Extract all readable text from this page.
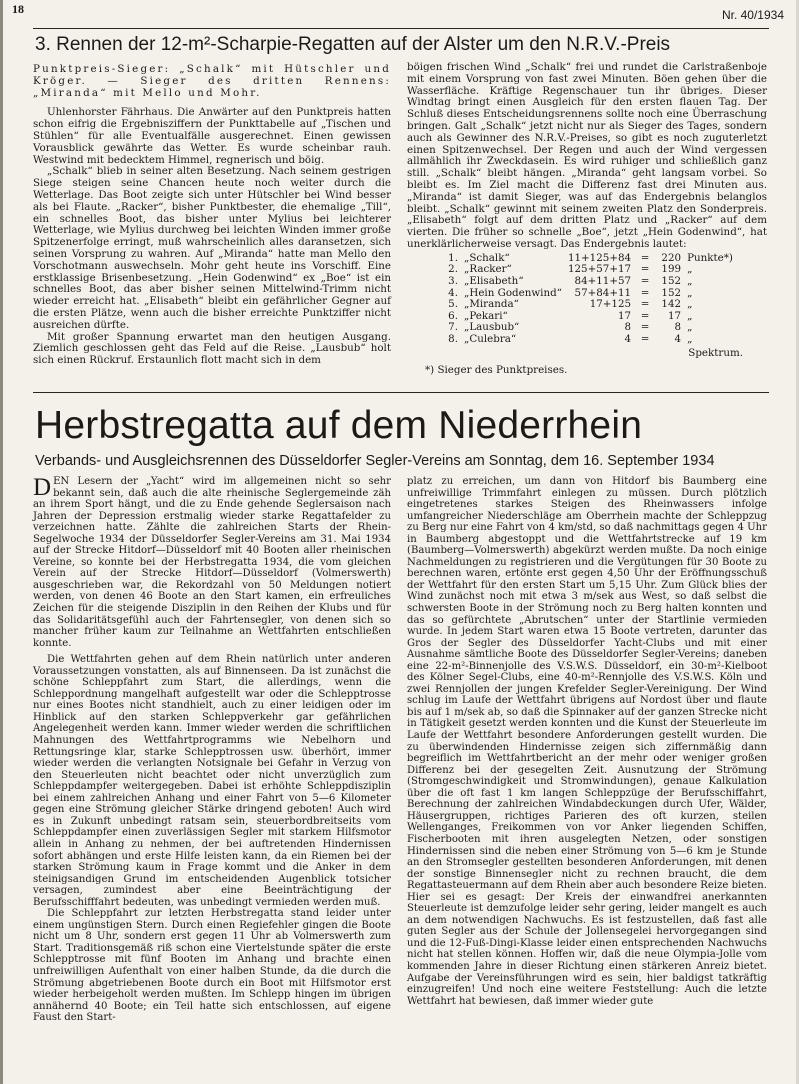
18	Nr. 40/1934
3. Rennen der 12-m²-Scharpie-Regatten auf der Alster um den N.R.V.-Preis

Punktpreis-Sieger: „Schalk“ mit Hütschler und Kröger. — Sieger des dritten Rennens: „Miranda“ mit Mello und Mohr.

Uhlenhorster Fährhaus. Die Anwärter auf den Punktpreis hatten schon eifrig die Ergebnisziffern der Punkttabelle auf „Tischen und Stühlen“ für alle Eventualfälle ausgerechnet. Einen gewissen Vorausblick gewährte das Wetter. Es wurde scheinbar rauh. Westwind mit bedecktem Himmel, regnerisch und böig.

„Schalk“ blieb in seiner alten Besetzung. Nach seinem gestrigen Siege steigen seine Chancen heute noch weiter durch die Wetterlage. Das Boot zeigte sich unter Hütschler bei Wind besser als bei Flaute. „Racker“, bisher Punktbester, die ehemalige „Till“, ein schnelles Boot, das bisher unter Mylius bei leichterer Wetterlage, wie Mylius durchweg bei leichten Winden immer große Spitzenerfolge erringt, muß wahrscheinlich alles daransetzen, sich seinen Vorsprung zu wahren. Auf „Miranda“ hatte man Mello den Vorschotmann auswechseln. Mohr geht heute ins Vorschiff. Eine erstklassige Brisenbesetzung. „Hein Godenwind“ ex „Boe“ ist ein schnelles Boot, das aber bisher seinen Mittelwind-Trimm nicht wieder erreicht hat. „Elisabeth“ bleibt ein gefährlicher Gegner auf die ersten Plätze, wenn auch die bisher erreichte Punktziffer nicht ausreichen dürfte.

Mit großer Spannung erwartet man den heutigen Ausgang. Ziemlich geschlossen geht das Feld auf die Reise. „Lausbub“ holt sich einen Rückruf. Erstaunlich flott macht sich in dem

böigen frischen Wind „Schalk“ frei und rundet die Carlstraßenboje mit einem Vorsprung von fast zwei Minuten. Böen gehen über die Wasserfläche. Kräftige Regenschauer tun ihr übriges. Dieser Windtag bringt einen Ausgleich für den ersten flauen Tag. Der Schluß dieses Entscheidungsrennens sollte noch eine Überraschung bringen. Galt „Schalk“ jetzt nicht nur als Sieger des Tages, sondern auch als Gewinner des N.R.V.-Preises, so gibt es noch zuguterletzt einen Spitzenwechsel. Der Regen und auch der Wind vergessen allmählich ihr Zweckdasein. Es wird ruhiger und schließlich ganz still. „Schalk“ bleibt hängen. „Miranda“ geht langsam vorbei. So bleibt es. Im Ziel macht die Differenz fast drei Minuten aus. „Miranda“ ist damit Sieger, was auf das Endergebnis belanglos bleibt. „Schalk“ gewinnt mit seinem zweiten Platz den Sonderpreis. „Elisabeth“ folgt auf dem dritten Platz und „Racker“ auf dem vierten. Die früher so schnelle „Boe“, jetzt „Hein Godenwind“, hat unerklärlicherweise versagt. Das Endergebnis lautet:

1.	„Schalk“	11+125+84	=	220	Punkte*)
2.	„Racker“	125+57+17	=	199	„
3.	„Elisabeth“	84+11+57	=	152	„
4.	„Hein Godenwind“	57+84+11	=	152	„
5.	„Miranda“	17+125	=	142	„
6.	„Pekari“	17	=	17	„
7.	„Lausbub“	8	=	8	„
8.	„Culebra“	4	=	4	„
Spektrum.
*) Sieger des Punktpreises.
Herbstregatta auf dem Niederrhein
Verbands- und Ausgleichsrennen des Düsseldorfer Segler-Vereins am Sonntag, dem 16. September 1934

DEN Lesern der „Yacht“ wird im allgemeinen nicht so sehr bekannt sein, daß auch die alte rheinische Seglergemeinde zäh an ihrem Sport hängt, und die zu Ende gehende Seglersaison nach Jahren der Depression erstmalig wieder starke Regattafelder zu verzeichnen hatte. Zählte die zahlreichen Starts der Rhein-Segelwoche 1934 der Düsseldorfer Segler-Vereins am 31. Mai 1934 auf der Strecke Hitdorf—Düsseldorf mit 40 Booten aller rheinischen Vereine, so konnte bei der Herbstregatta 1934, die vom gleichen Verein auf der Strecke Hitdorf—Düsseldorf (Volmerswerth) ausgeschrieben war, die Rekordzahl von 50 Meldungen notiert werden, von denen 46 Boote an den Start kamen, ein erfreuliches Zeichen für die steigende Disziplin in den Reihen der Klubs und für das Solidaritätsgefühl auch der Fahrtensegler, von denen sich so mancher früher kaum zur Teilnahme an Wettfahrten entschließen konnte.

Die Wettfahrten gehen auf dem Rhein natürlich unter anderen Voraussetzungen vonstatten, als auf Binnenseen. Da ist zunächst die schöne Schleppfahrt zum Start, die allerdings, wenn die Schleppordnung mangelhaft aufgestellt war oder die Schlepptrosse nur eines Bootes nicht standhielt, auch zu einer leidigen oder im Hinblick auf den starken Schleppverkehr gar gefährlichen Angelegenheit werden kann. Immer wieder werden die schriftlichen Mahnungen des Wettfahrtprogramms wie Nebelhorn und Rettungsringe klar, starke Schlepptrossen usw. überhört, immer wieder werden die verlangten Notsignale bei Gefahr in Verzug von den Steuerleuten nicht beachtet oder nicht unverzüglich zum Schleppdampfer weitergegeben. Dabei ist erhöhte Schleppdisziplin bei einem zahlreichen Anhang und einer Fahrt von 5—6 Kilometer gegen eine Strömung gleicher Stärke dringend geboten! Auch wird es in Zukunft unbedingt ratsam sein, steuerbordbreitseits vom Schleppdampfer einen zuverlässigen Segler mit starkem Hilfsmotor allein in Anhang zu nehmen, der bei auftretenden Hindernissen sofort abhängen und erste Hilfe leisten kann, da ein Riemen bei der starken Strömung kaum in Frage kommt und die Anker in dem steinigsandigen Grund im entscheidenden Augenblick totsicher versagen, zumindest aber eine Beeinträchtigung der Berufsschifffahrt bedeuten, was unbedingt vermieden werden muß.

Die Schleppfahrt zur letzten Herbstregatta stand leider unter einem ungünstigen Stern. Durch einen Regiefehler gingen die Boote nicht um 8 Uhr, sondern erst gegen 11 Uhr ab Volmerswerth zum Start. Traditionsgemäß riß schon eine Viertelstunde später die erste Schlepptrosse mit fünf Booten im Anhang und brachte einen unfreiwilligen Aufenthalt von einer halben Stunde, da die durch die Strömung abgetriebenen Boote durch ein Boot mit Hilfsmotor erst wieder herbeigeholt werden mußten. Im Schlepp hingen im übrigen annähernd 40 Boote; ein Teil hatte sich entschlossen, auf eigene Faust den Start-

platz zu erreichen, um dann von Hitdorf bis Baumberg eine unfreiwillige Trimmfahrt einlegen zu müssen. Durch plötzlich eingetretenes starkes Steigen des Rheinwassers infolge umfangreicher Niederschläge am Oberrhein machte der Schleppzug zu Berg nur eine Fahrt von 4 km/std, so daß nachmittags gegen 4 Uhr in Baumberg abgestoppt und die Wettfahrtstrecke auf 19 km (Baumberg—Volmerswerth) abgekürzt werden mußte. Da noch einige Nachmeldungen zu registrieren und die Vergütungen für 30 Boote zu berechnen waren, ertönte erst gegen 4,50 Uhr der Eröffnungsschuß der Wettfahrt für den ersten Start um 5,15 Uhr. Zum Glück blies der Wind zunächst noch mit etwa 3 m/sek aus West, so daß selbst die schwersten Boote in der Strömung noch zu Berg halten konnten und das so gefürchtete „Abrutschen“ unter der Startlinie vermieden wurde. In jedem Start waren etwa 15 Boote vertreten, darunter das Gros der Segler des Düsseldorfer Yacht-Clubs und mit einer Ausnahme sämtliche Boote des Düsseldorfer Segler-Vereins; daneben eine 22-m²-Binnenjolle des V.S.W.S. Düsseldorf, ein 30-m²-Kielboot des Kölner Segel-Clubs, eine 40-m²-Rennjolle des V.S.W.S. Köln und zwei Rennjollen der jungen Krefelder Segler-Vereinigung. Der Wind schlug im Laufe der Wettfahrt übrigens auf Nordost über und flaute bis auf 1 m/sek ab, so daß die Spinnaker auf der ganzen Strecke nicht in Tätigkeit gesetzt werden konnten und die Kunst der Steuerleute im Laufe der Wettfahrt besondere Anforderungen gestellt wurden. Die zu überwindenden Hindernisse zeigen sich ziffernmäßig dann begreiflich im Wettfahrtbericht an der mehr oder weniger großen Differenz bei der gesegelten Zeit. Ausnutzung der Strömung (Stromgeschwindigkeit und Stromwindungen), genaue Kalkulation über die oft fast 1 km langen Schleppzüge der Berufsschiffahrt, Berechnung der zahlreichen Windabdeckungen durch Ufer, Wälder, Häusergruppen, richtiges Parieren des oft kurzen, steilen Wellenganges, Freikommen von vor Anker liegenden Schiffen, Fischerbooten mit ihren ausgelegten Netzen, oder sonstigen Hindernissen sind die neben einer Strömung von 5—6 km je Stunde an den Stromsegler gestellten besonderen Anforderungen, mit denen der sonstige Binnensegler nicht zu rechnen braucht, die dem Regattasteuermann auf dem Rhein aber auch besondere Reize bieten. Hier sei es gesagt: Der Kreis der einwandfrei anerkannten Steuerleute ist demzufolge leider sehr gering, leider mangelt es auch an dem notwendigen Nachwuchs. Es ist festzustellen, daß fast alle guten Segler aus der Schule der Jollensegelei hervorgegangen sind und die 12-Fuß-Dingi-Klasse leider einen entsprechenden Nachwuchs nicht hat stellen können. Hoffen wir, daß die neue Olympia-Jolle vom kommenden Jahre in dieser Richtung einen stärkeren Anreiz bietet. Aufgabe der Vereinsführungen wird es sein, hier baldigst tatkräftig einzugreifen! Und noch eine weitere Feststellung: Auch die letzte Wettfahrt hat bewiesen, daß immer wieder gute
